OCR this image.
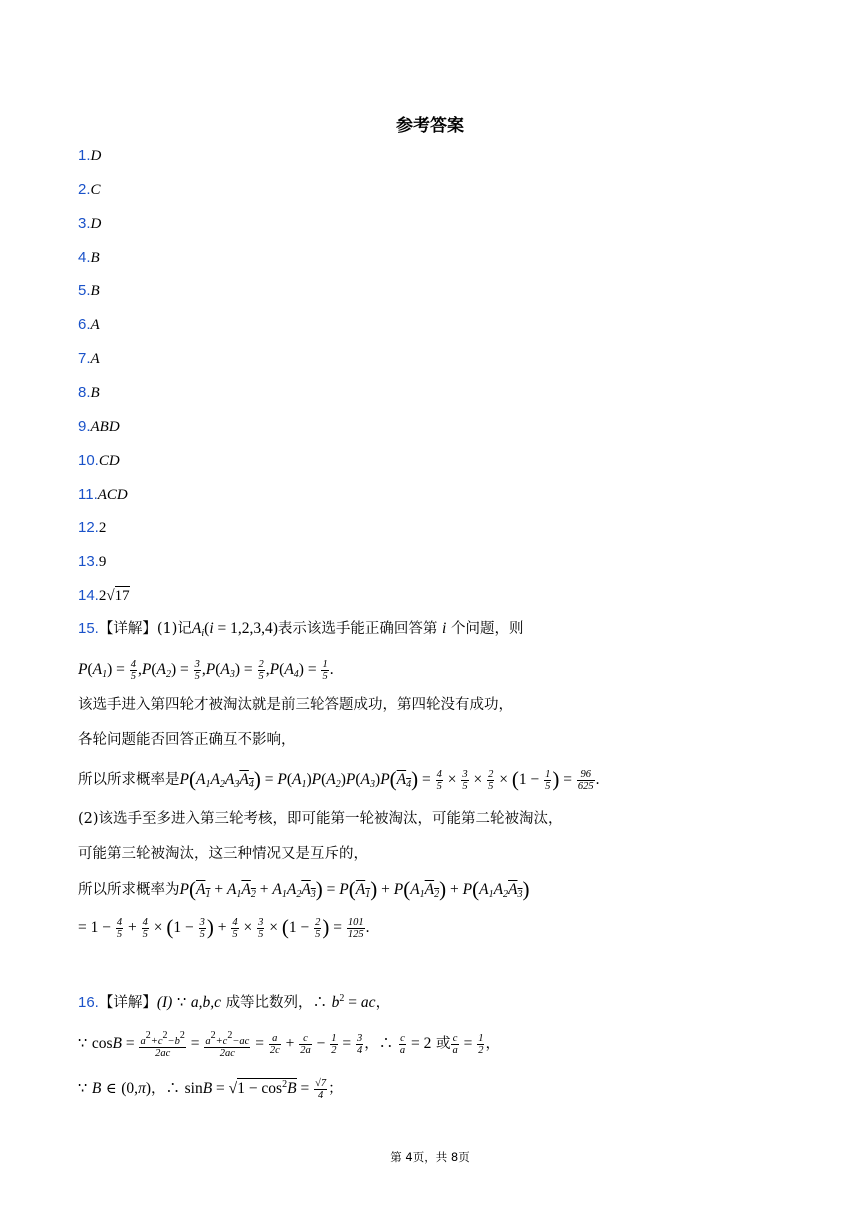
参考答案
1.D
2.C
3.D
4.B
5.B
6.A
7.A
8.B
9.ABD
10.CD
11.ACD
12.2
13.9
14.2√17
15.【详解】(1)记$A_i(i = 1,2,3,4)$表示该选手能正确回答第 i 个问题，则
$P(A_1) = \frac{4}{5} ,P(A_2) = \frac{3}{5} ,P(A_3) = \frac{2}{5} ,P(A_4) = \frac{1}{5}$ .
该选手进入第四轮才被淘汰就是前三轮答题成功，第四轮没有成功，
各轮问题能否回答正确互不影响，
所以所求概率是$P(A_1A_2A_3A_4) = P(A_1)P(A_2)P(A_3)P(A_4) = \frac{4}{5} \times \frac{3}{5} \times \frac{2}{5} \times (1 - \frac{1}{5}$ ) = $\frac{96}{625}$ .
(2)该选手至多进入第三轮考核，即可能第一轮被淘汰，可能第二轮被淘汰，
可能第三轮被淘汰，这三种情况又是互斥的，
所以所求概率为$P(A_1 + A_1A_2 + A_1A_2A_3) = P(A_1) + P(A_1A_2) + P(A_1A_2A_3)$
= $1 - \frac{4}{5} + \frac{4}{5} \times (1 - \frac{3}{5}$ ) + $\frac{4}{5} \times \frac{3}{5} \times (1 - \frac{2}{5}$ ) = $\frac{101}{125}$ .
16.【详解】(I) ∵ a,b,c 成等比数列，∴ $b^2$ = ac，
∵ $\cos B = \frac{a^2+c^2-b^2}{2ac} = \frac{a^2+c^2-ac}{2ac} = \frac{a}{2c} + \frac{c}{2a} - \frac{1}{2} = \frac{3}{4}$ ，∴ $\frac{c}{a} = 2$ 或 $\frac{c}{a} = \frac{1}{2}$ ，
∵ B ∈ (0,π)，∴ $\sin B = √1 - \cos^2B = \frac{√7}{4}$ ；
第 4页，共 8页
